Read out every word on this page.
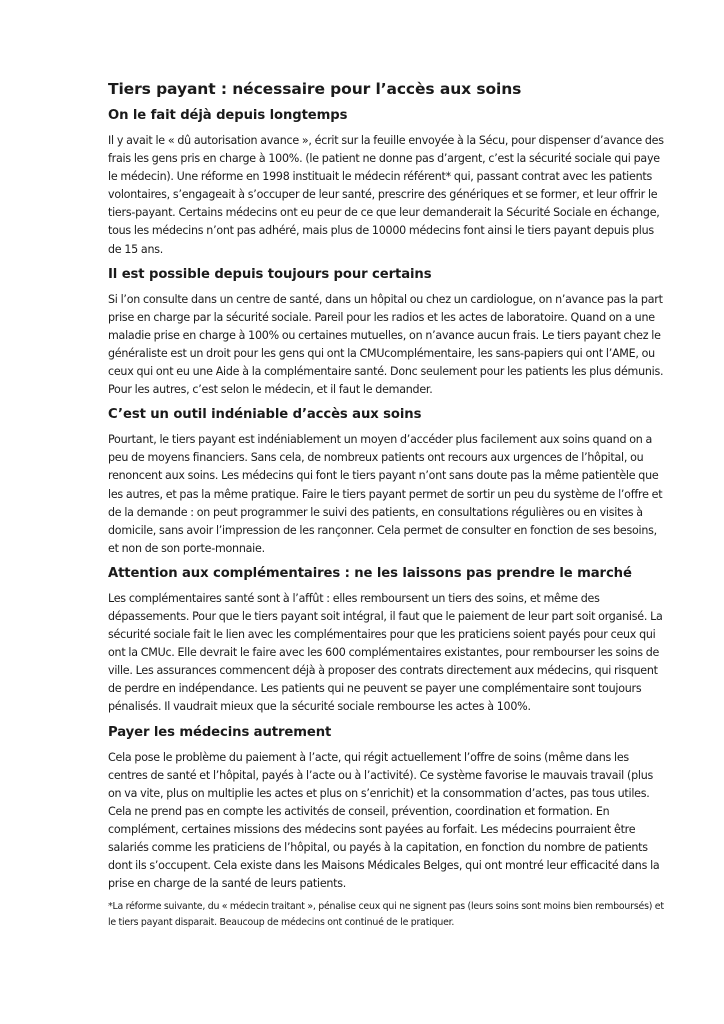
Tiers payant : nécessaire pour l’accès aux soins
On le fait déjà depuis longtemps

Il y avait le « dû autorisation avance », écrit sur la feuille envoyée à la Sécu, pour dispenser d’avance des frais les gens pris en charge à 100%. (le patient ne donne pas d’argent, c’est la sécurité sociale qui paye le médecin). Une réforme en 1998 instituait le médecin référent* qui, passant contrat avec les patients volontaires, s’engageait à s’occuper de leur santé, prescrire des génériques et se former, et leur offrir le tiers-payant. Certains médecins ont eu peur de ce que leur demanderait la Sécurité Sociale en échange, tous les médecins n’ont pas adhéré, mais plus de 10000 médecins font ainsi le tiers payant depuis plus de 15 ans.

Il est possible depuis toujours pour certains

Si l’on consulte dans un centre de santé, dans un hôpital ou chez un cardiologue, on n’avance pas la part prise en charge par la sécurité sociale. Pareil pour les radios et les actes de laboratoire. Quand on a une maladie prise en charge à 100% ou certaines mutuelles, on n’avance aucun frais. Le tiers payant chez le généraliste est un droit pour les gens qui ont la CMUcomplémentaire, les sans-papiers qui ont l’AME, ou ceux qui ont eu une Aide à la complémentaire santé. Donc seulement pour les patients les plus démunis. Pour les autres, c’est selon le médecin, et il faut le demander.

C’est un outil indéniable d’accès aux soins

Pourtant, le tiers payant est indéniablement un moyen d’accéder plus facilement aux soins quand on a peu de moyens financiers. Sans cela, de nombreux patients ont recours aux urgences de l’hôpital, ou renoncent aux soins. Les médecins qui font le tiers payant n’ont sans doute pas la même patientèle que les autres, et pas la même pratique. Faire le tiers payant permet de sortir un peu du système de l’offre et de la demande : on peut programmer le suivi des patients, en consultations régulières ou en visites à domicile, sans avoir l’impression de les rançonner. Cela permet de consulter en fonction de ses besoins, et non de son porte-monnaie.

Attention aux complémentaires : ne les laissons pas prendre le marché

Les complémentaires santé sont à l’affût : elles remboursent un tiers des soins, et même des dépassements. Pour que le tiers payant soit intégral, il faut que le paiement de leur part soit organisé. La sécurité sociale fait le lien avec les complémentaires pour que les praticiens soient payés pour ceux qui ont la CMUc. Elle devrait le faire avec les 600 complémentaires existantes, pour rembourser les soins de ville. Les assurances commencent déjà à proposer des contrats directement aux médecins, qui risquent de perdre en indépendance. Les patients qui ne peuvent se payer une complémentaire sont toujours pénalisés. Il vaudrait mieux que la sécurité sociale rembourse les actes à 100%.

Payer les médecins autrement

Cela pose le problème du paiement à l’acte, qui régit actuellement l’offre de soins (même dans les centres de santé et l’hôpital, payés à l’acte ou à l’activité). Ce système favorise le mauvais travail (plus on va vite, plus on multiplie les actes et plus on s’enrichit) et la consommation d’actes, pas tous utiles. Cela ne prend pas en compte les activités de conseil, prévention, coordination et formation. En complément, certaines missions des médecins sont payées au forfait. Les médecins pourraient être salariés comme les praticiens de l’hôpital, ou payés à la capitation, en fonction du nombre de patients dont ils s’occupent. Cela existe dans les Maisons Médicales Belges, qui ont montré leur efficacité dans la prise en charge de la santé de leurs patients.

*La réforme suivante, du « médecin traitant », pénalise ceux qui ne signent pas (leurs soins sont moins bien remboursés) et le tiers payant disparait. Beaucoup de médecins ont continué de le pratiquer.
